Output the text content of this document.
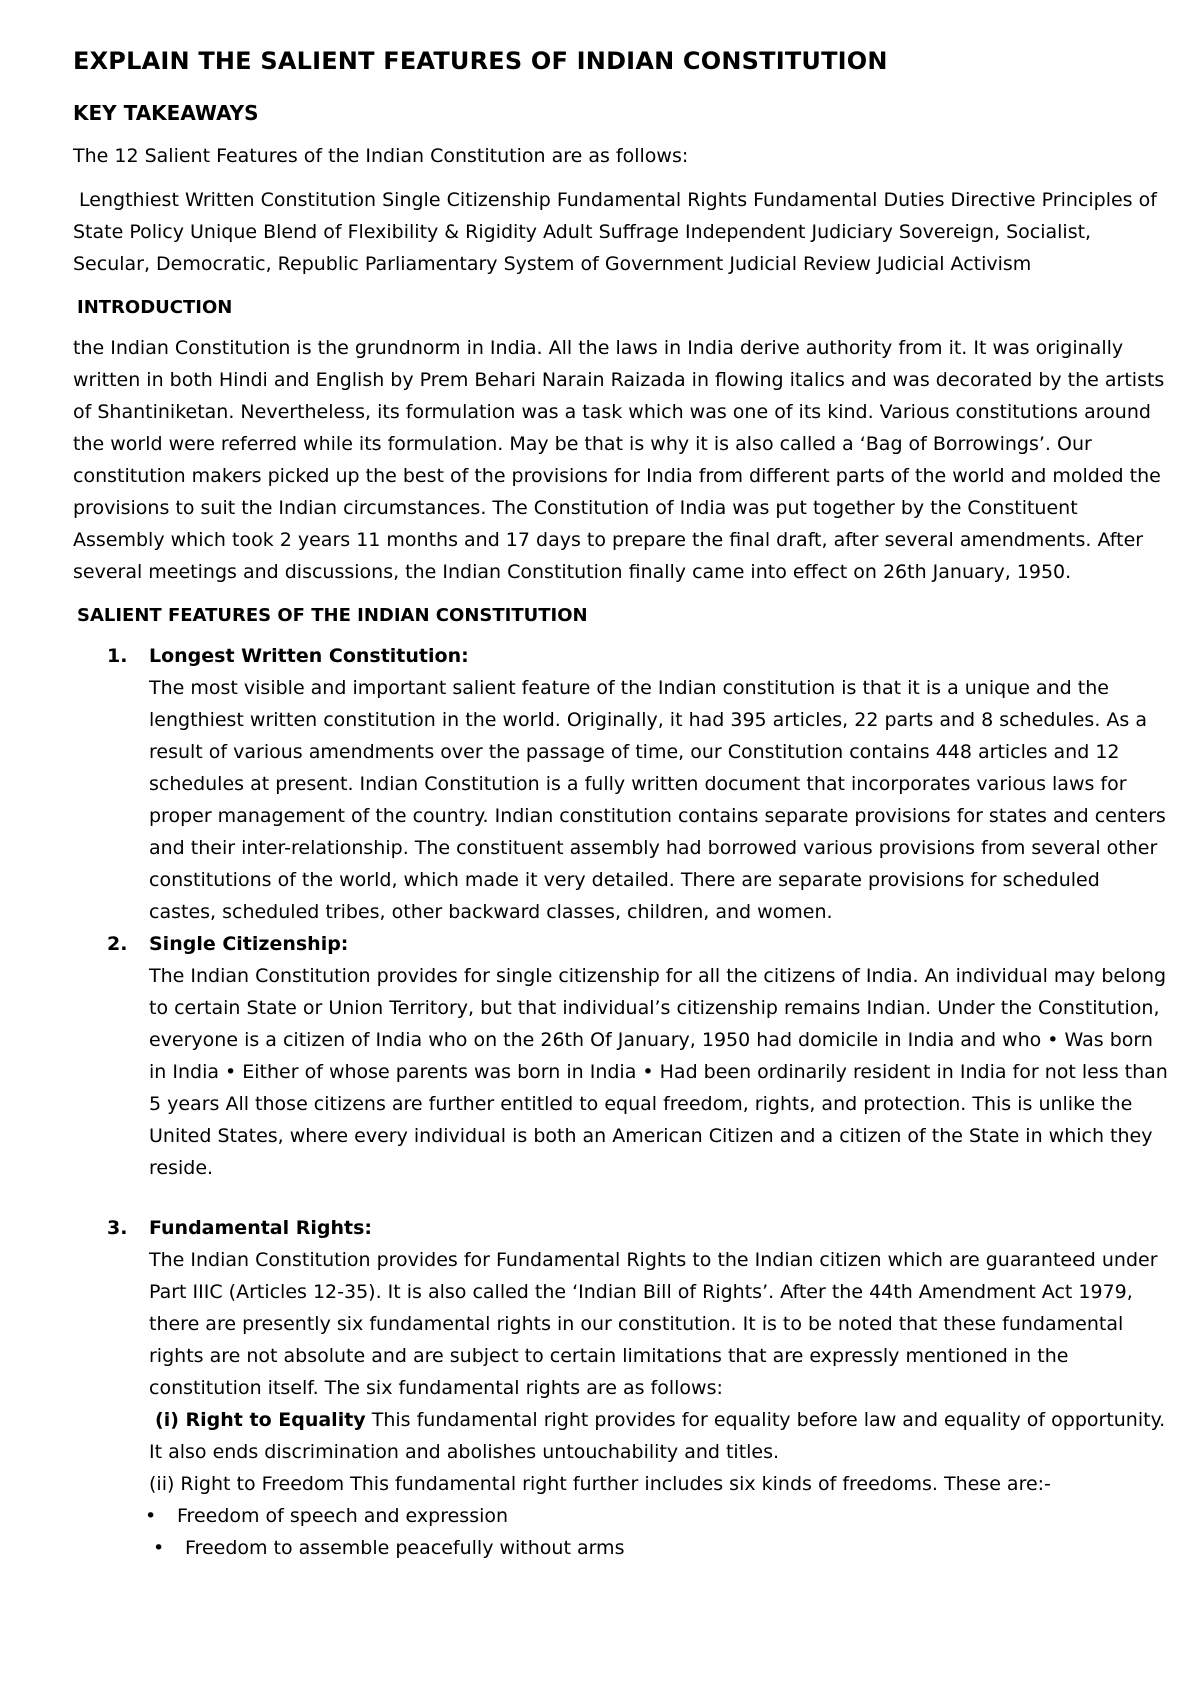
EXPLAIN THE SALIENT FEATURES OF INDIAN CONSTITUTION
KEY TAKEAWAYS

The 12 Salient Features of the Indian Constitution are as follows:

Lengthiest Written Constitution Single Citizenship Fundamental Rights Fundamental Duties Directive Principles of State Policy Unique Blend of Flexibility & Rigidity Adult Suffrage Independent Judiciary Sovereign, Socialist, Secular, Democratic, Republic Parliamentary System of Government Judicial Review Judicial Activism

INTRODUCTION

the Indian Constitution is the grundnorm in India. All the laws in India derive authority from it. It was originally written in both Hindi and English by Prem Behari Narain Raizada in flowing italics and was decorated by the artists of Shantiniketan. Nevertheless, its formulation was a task which was one of its kind. Various constitutions around the world were referred while its formulation. May be that is why it is also called a ‘Bag of Borrowings’. Our constitution makers picked up the best of the provisions for India from different parts of the world and molded the provisions to suit the Indian circumstances. The Constitution of India was put together by the Constituent Assembly which took 2 years 11 months and 17 days to prepare the final draft, after several amendments. After several meetings and discussions, the Indian Constitution finally came into effect on 26th January, 1950.

SALIENT FEATURES OF THE INDIAN CONSTITUTION
1. Longest Written Constitution:

The most visible and important salient feature of the Indian constitution is that it is a unique and the lengthiest written constitution in the world. Originally, it had 395 articles, 22 parts and 8 schedules. As a result of various amendments over the passage of time, our Constitution contains 448 articles and 12 schedules at present. Indian Constitution is a fully written document that incorporates various laws for proper management of the country. Indian constitution contains separate provisions for states and centers and their inter-relationship. The constituent assembly had borrowed various provisions from several other constitutions of the world, which made it very detailed. There are separate provisions for scheduled castes, scheduled tribes, other backward classes, children, and women.

2. Single Citizenship:

The Indian Constitution provides for single citizenship for all the citizens of India. An individual may belong to certain State or Union Territory, but that individual’s citizenship remains Indian. Under the Constitution, everyone is a citizen of India who on the 26th Of January, 1950 had domicile in India and who • Was born in India • Either of whose parents was born in India • Had been ordinarily resident in India for not less than 5 years All those citizens are further entitled to equal freedom, rights, and protection. This is unlike the United States, where every individual is both an American Citizen and a citizen of the State in which they reside.

3. Fundamental Rights:

The Indian Constitution provides for Fundamental Rights to the Indian citizen which are guaranteed under Part IIIC (Articles 12-35). It is also called the ‘Indian Bill of Rights’. After the 44th Amendment Act 1979, there are presently six fundamental rights in our constitution. It is to be noted that these fundamental rights are not absolute and are subject to certain limitations that are expressly mentioned in the constitution itself. The six fundamental rights are as follows:

(i) Right to Equality This fundamental right provides for equality before law and equality of opportunity. It also ends discrimination and abolishes untouchability and titles.

(ii) Right to Freedom This fundamental right further includes six kinds of freedoms. These are:-

• Freedom of speech and expression

• Freedom to assemble peacefully without arms
